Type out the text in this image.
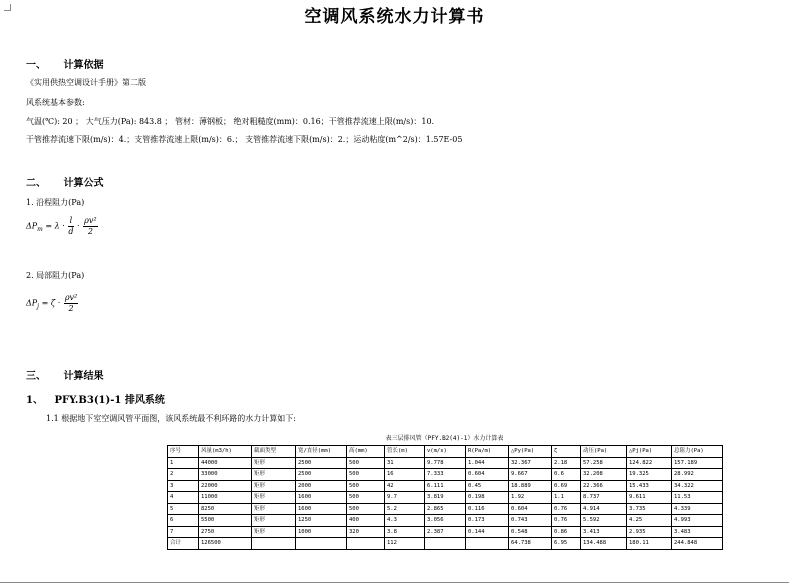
空调风系统水力计算书
一、 计算依据
《实用供热空调设计手册》第二版
风系统基本参数:
气温(℃): 20 ； 大气压力(Pa): 843.8 ； 管材：薄钢板； 绝对粗糙度(mm)：0.16；干管推荐流速上限(m/s)：10.
干管推荐流速下限(m/s)：4.；支管推荐流速上限(m/s)：6.； 支管推荐流速下限(m/s)：2.；运动粘度(m^2/s)：1.57E-05
二、 计算公式
1. 沿程阻力(Pa)
$\Delta P_m = \lambda \cdot \frac{l}{d} \cdot \frac{\text{ρv²}}{2}$
2. 局部阻力(Pa)
$\Delta P_j = \zeta \cdot \frac{\text{ρv²}}{2}$
三、 计算结果
1、 PFY.B3(1)-1 排风系统
1.1 根据地下室空调风管平面图，该风系统最不利环路的水力计算如下:
表三层排风管（PFY.B2(4)-1）水力计算表
序号	风量(m3/h)	截面类型	宽/直径(mm)	高(mm)	管长(m)	v(m/s)	R(Pa/m)	△Py(Pa)	ζ	动压(Pa)	△Pj(Pa)	总阻力(Pa)
1	44000	矩形	2500	500	31	9.778	1.044	32.367	2.18	57.258	124.822	157.189
2	33000	矩形	2500	500	16	7.333	0.604	9.667	0.6	32.208	19.325	28.992
3	22000	矩形	2000	500	42	6.111	0.45	18.889	0.69	22.366	15.433	34.322
4	11000	矩形	1600	500	9.7	3.819	0.198	1.92	1.1	8.737	9.611	11.53
5	8250	矩形	1600	500	5.2	2.865	0.116	0.604	0.76	4.914	3.735	4.339
6	5500	矩形	1250	400	4.3	3.056	0.173	0.743	0.76	5.592	4.25	4.993
7	2750	矩形	1000	320	3.8	2.387	0.144	0.548	0.86	3.413	2.935	3.483
合计	126500				112			64.738	6.95	134.488	180.11	244.848
